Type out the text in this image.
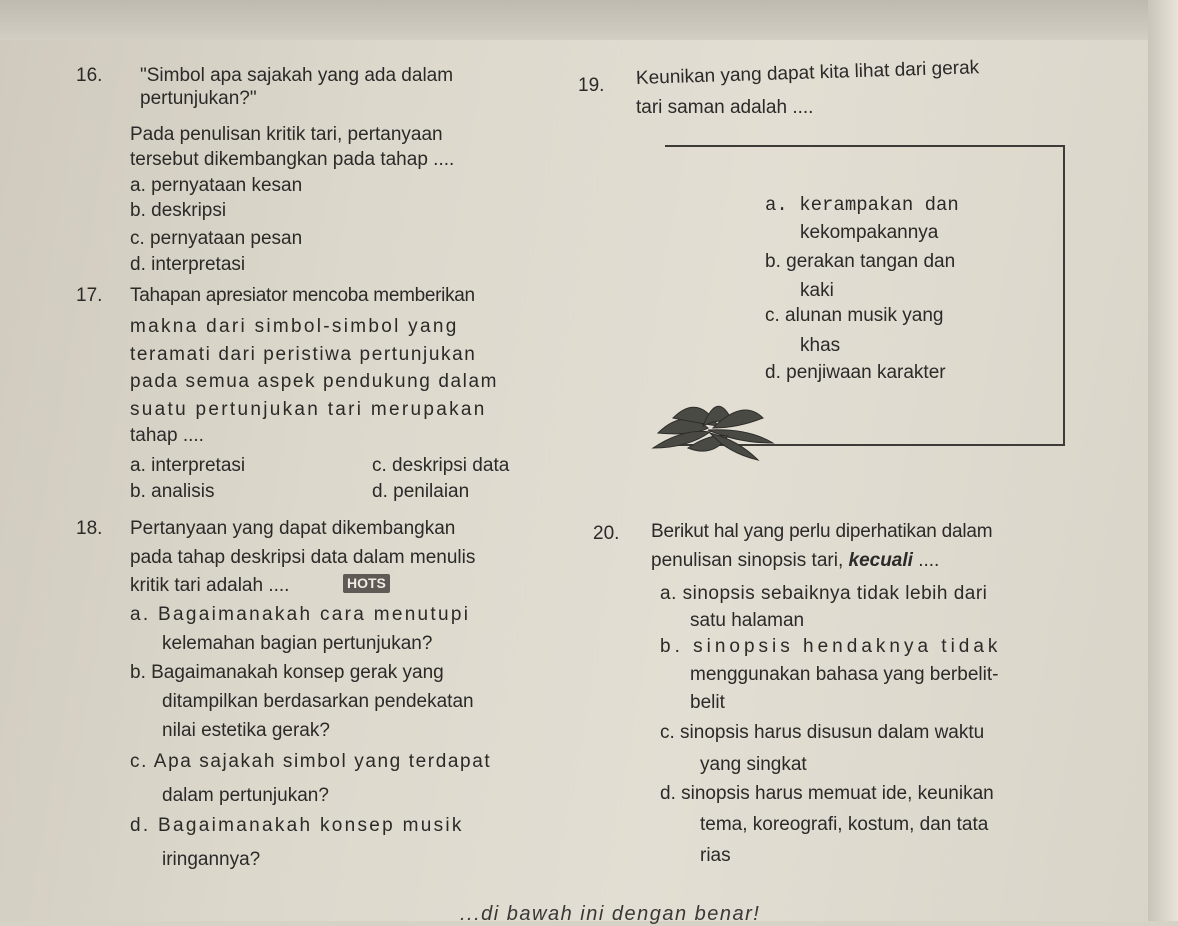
16. "Simbol apa sajakah yang ada dalam
pertunjukan?"
Pada penulisan kritik tari, pertanyaan
tersebut dikembangkan pada tahap ....
a. pernyataan kesan
b. deskripsi
c. pernyataan pesan
d. interpretasi
17. Tahapan apresiator mencoba memberikan
makna dari simbol-simbol yang
teramati dari peristiwa pertunjukan
pada semua aspek pendukung dalam
suatu pertunjukan tari merupakan
tahap ....
a. interpretasi	c. deskripsi data
b. analisis	d. penilaian
18. Pertanyaan yang dapat dikembangkan
pada tahap deskripsi data dalam menulis
kritik tari adalah ....	HOTS
a. Bagaimanakah cara menutupi
kelemahan bagian pertunjukan?
b. Bagaimanakah konsep gerak yang
ditampilkan berdasarkan pendekatan
nilai estetika gerak?
c. Apa sajakah simbol yang terdapat
dalam pertunjukan?
d. Bagaimanakah konsep musik
iringannya?
19. Keunikan yang dapat kita lihat dari gerak
tari saman adalah ....
a. kerampakan dan
kekompakannya
b. gerakan tangan dan
kaki
c. alunan musik yang
khas
d. penjiwaan karakter
20. Berikut hal yang perlu diperhatikan dalam
penulisan sinopsis tari, kecuali ....
a. sinopsis sebaiknya tidak lebih dari
satu halaman
b. sinopsis hendaknya tidak
menggunakan bahasa yang berbelit-
belit
c. sinopsis harus disusun dalam waktu
yang singkat
d. sinopsis harus memuat ide, keunikan
tema, koreografi, kostum, dan tata
rias
...di bawah ini dengan benar!
